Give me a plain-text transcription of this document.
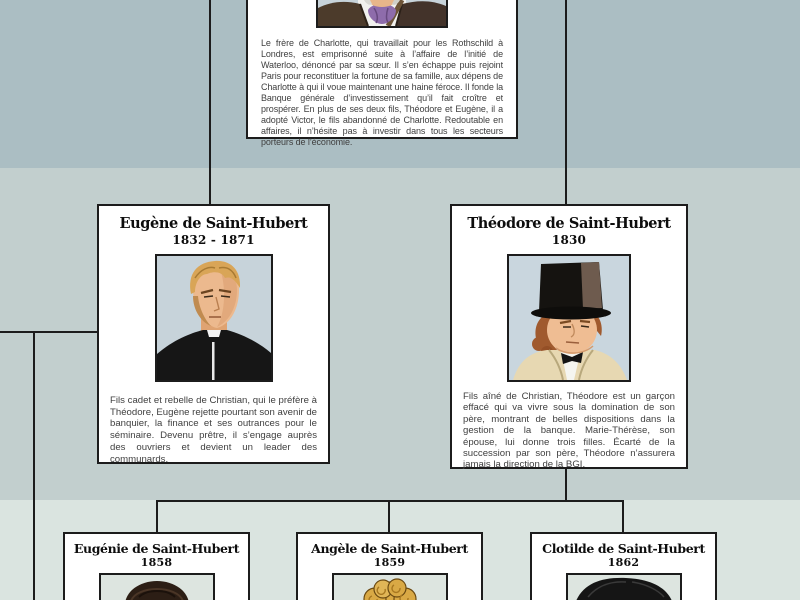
Le frère de Charlotte, qui travaillait pour les Rothschild à Londres, est emprisonné suite à l’affaire de l’initié de Waterloo, dénoncé par sa sœur. Il s’en échappe puis rejoint Paris pour reconstituer la fortune de sa famille, aux dépens de Charlotte à qui il voue maintenant une haine féroce. Il fonde la Banque générale d’investissement qu’il fait croître et prospérer. En plus de ses deux fils, Théodore et Eugène, il a adopté Victor, le fils abandonné de Charlotte. Redoutable en affaires, il n’hésite pas à investir dans tous les secteurs porteurs de l’économie.
Eugène de Saint-Hubert
1832 - 1871
Fils cadet et rebelle de Christian, qui le préfère à Théodore, Eugène rejette pourtant son avenir de banquier, la finance et ses outrances pour le séminaire. Devenu prêtre, il s’engage auprès des ouvriers et devient un leader des communards.
Théodore de Saint-Hubert
1830
Fils aîné de Christian, Théodore est un garçon effacé qui va vivre sous la domination de son père, montrant de belles dispositions dans la gestion de la banque. Marie-Thérèse, son épouse, lui donne trois filles. Écarté de la succession par son père, Théodore n’assurera jamais la direction de la BGI.
Eugénie de Saint-Hubert
1858
Angèle de Saint-Hubert
1859
Clotilde de Saint-Hubert
1862
